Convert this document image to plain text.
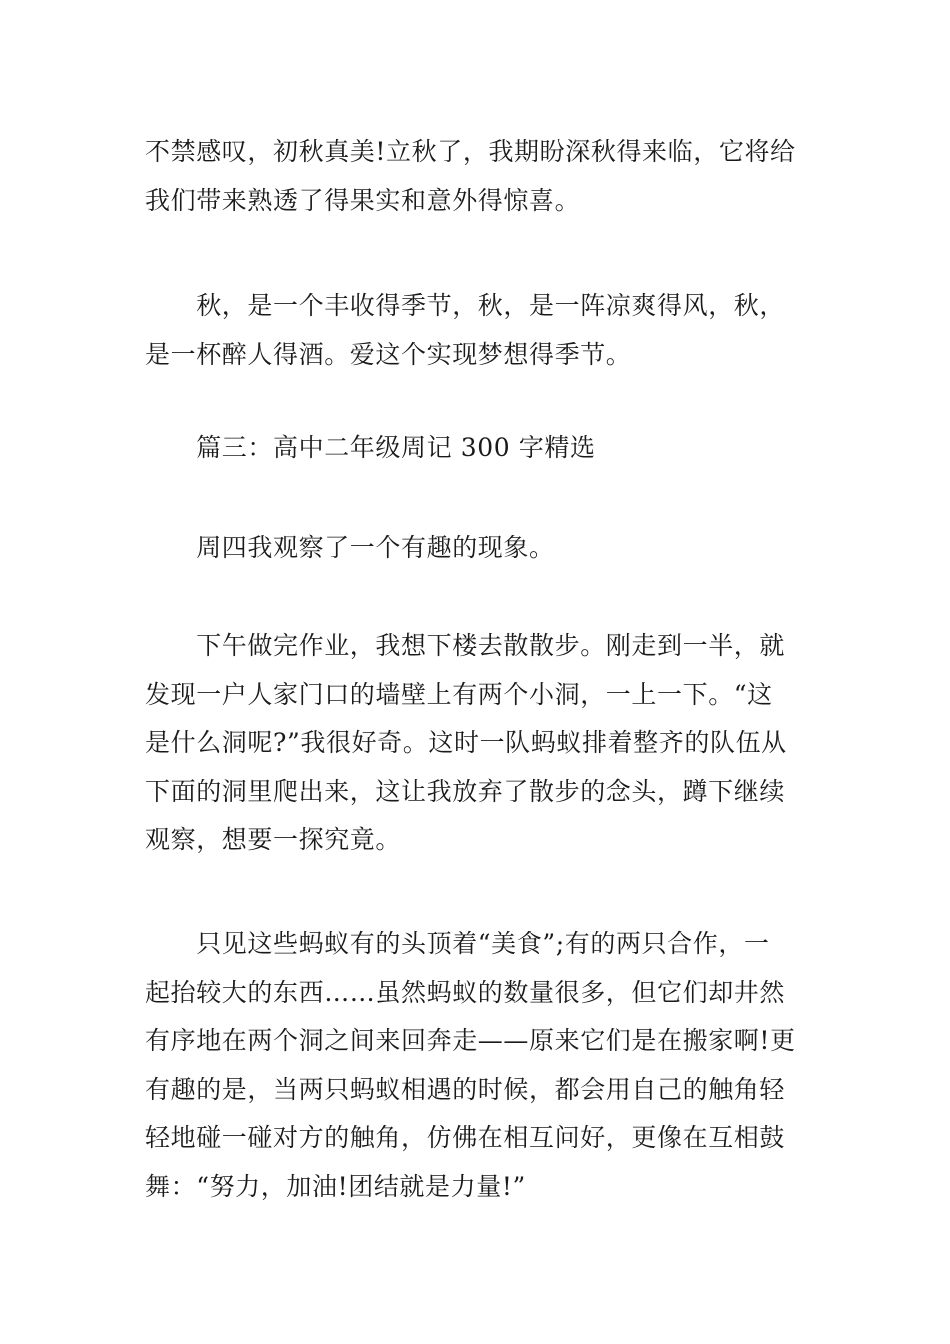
不禁感叹，初秋真美!立秋了，我期盼深秋得来临，它将给
我们带来熟透了得果实和意外得惊喜。

　　秋，是一个丰收得季节，秋，是一阵凉爽得风，秋，
是一杯醉人得酒。爱这个实现梦想得季节。

　　篇三：高中二年级周记 300 字精选

　　周四我观察了一个有趣的现象。

　　下午做完作业，我想下楼去散散步。刚走到一半，就
发现一户人家门口的墙壁上有两个小洞，一上一下。“这
是什么洞呢?”我很好奇。这时一队蚂蚁排着整齐的队伍从
下面的洞里爬出来，这让我放弃了散步的念头，蹲下继续
观察，想要一探究竟。

　　只见这些蚂蚁有的头顶着“美食”;有的两只合作，一
起抬较大的东西……虽然蚂蚁的数量很多，但它们却井然
有序地在两个洞之间来回奔走——原来它们是在搬家啊!更
有趣的是，当两只蚂蚁相遇的时候，都会用自己的触角轻
轻地碰一碰对方的触角，仿佛在相互问好，更像在互相鼓
舞：“努力，加油!团结就是力量!”
